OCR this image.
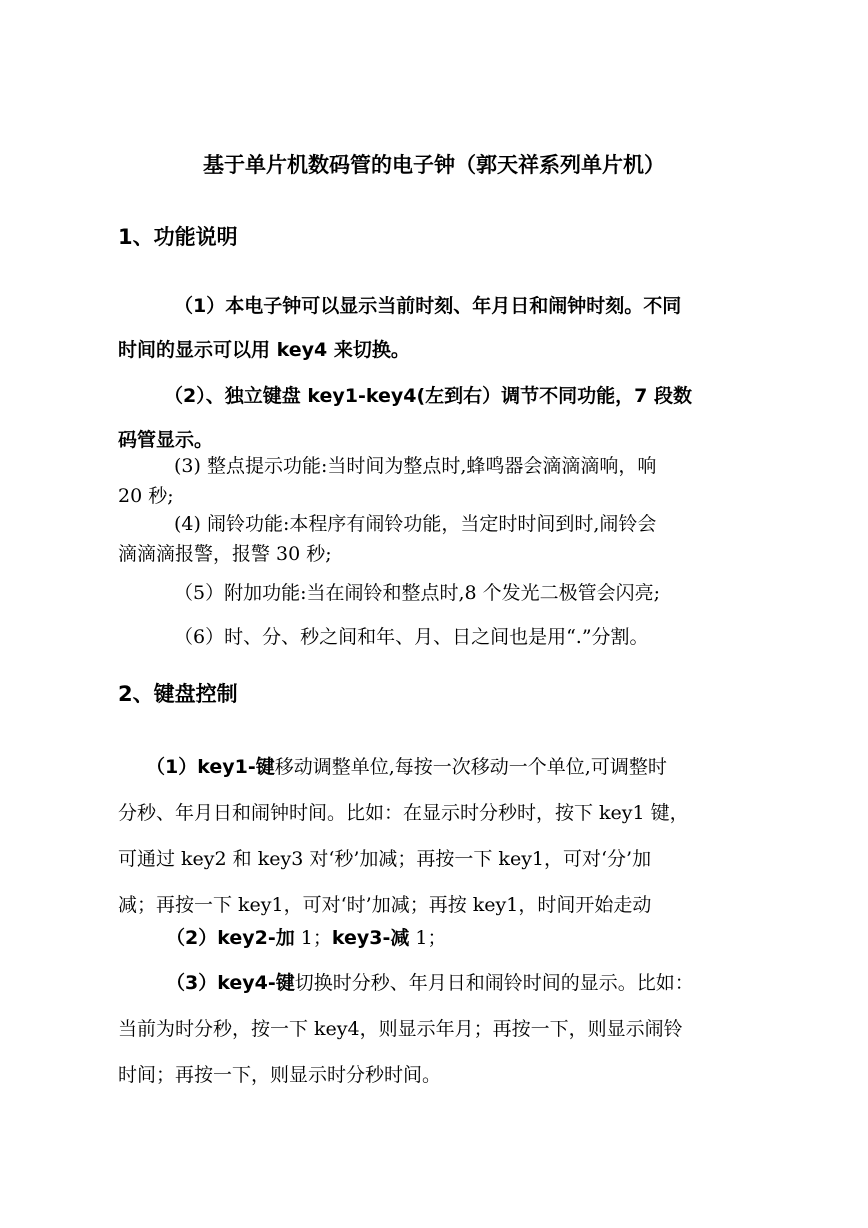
基于单片机数码管的电子钟（郭天祥系列单片机）
1、功能说明
（1）本电子钟可以显示当前时刻、年月日和闹钟时刻。不同
时间的显示可以用 key4 来切换。
（2）、独立键盘 key1-key4(左到右）调节不同功能，7 段数
码管显示。
(3) 整点提示功能:当时间为整点时,蜂鸣器会滴滴滴响，响
20 秒;
(4) 闹铃功能:本程序有闹铃功能，当定时时间到时,闹铃会
滴滴滴报警，报警 30 秒;
（5）附加功能:当在闹铃和整点时,8 个发光二极管会闪亮;
（6）时、分、秒之间和年、月、日之间也是用“.”分割。
2、键盘控制
（1）key1-键移动调整单位,每按一次移动一个单位,可调整时
分秒、年月日和闹钟时间。比如：在显示时分秒时，按下 key1 键，
可通过 key2 和 key3 对‘秒’加减；再按一下 key1，可对‘分’加
减；再按一下 key1，可对‘时’加减；再按 key1，时间开始走动
（2）key2-加 1；key3-减 1；
（3）key4-键切换时分秒、年月日和闹铃时间的显示。比如：
当前为时分秒，按一下 key4，则显示年月；再按一下，则显示闹铃
时间；再按一下，则显示时分秒时间。
